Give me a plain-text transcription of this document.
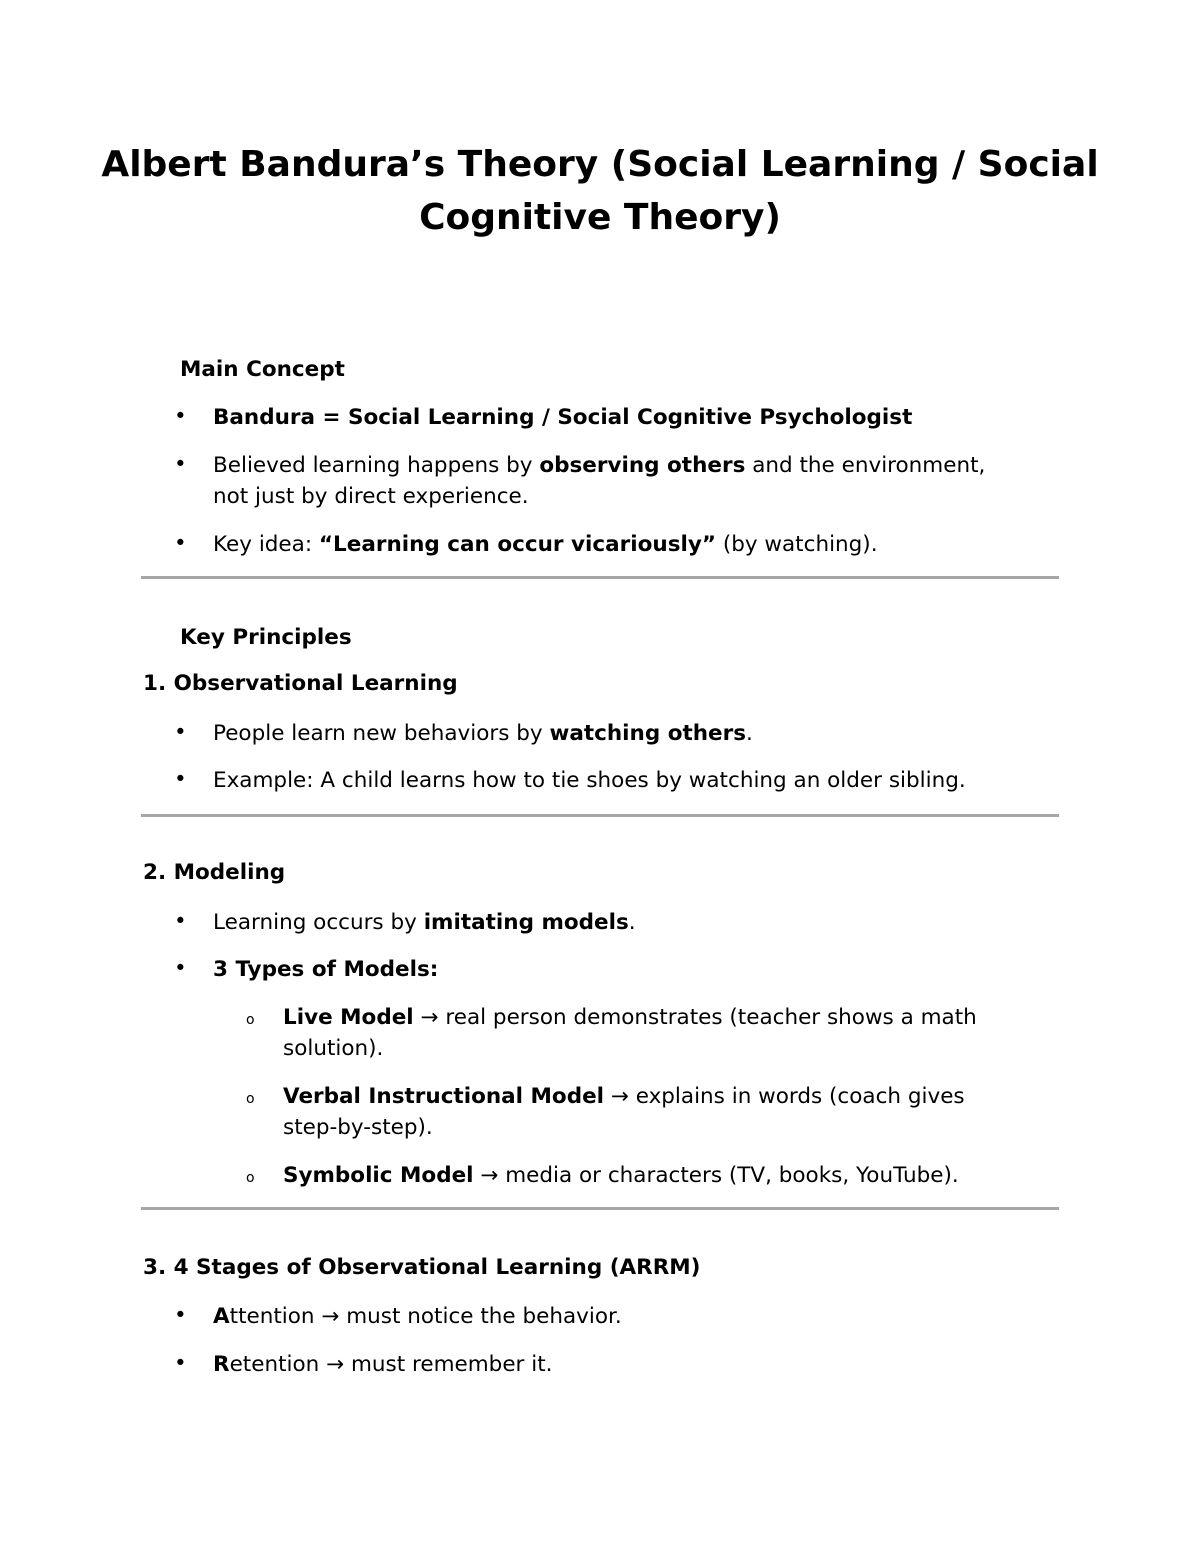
Albert Bandura’s Theory (Social Learning / Social Cognitive Theory)
Main Concept
• Bandura = Social Learning / Social Cognitive Psychologist
• Believed learning happens by observing others and the environment,
not just by direct experience.
• Key idea: “Learning can occur vicariously” (by watching).
Key Principles
1. Observational Learning
• People learn new behaviors by watching others.
• Example: A child learns how to tie shoes by watching an older sibling.
2. Modeling
• Learning occurs by imitating models.
• 3 Types of Models:
o Live Model → real person demonstrates (teacher shows a math
solution).
o Verbal Instructional Model → explains in words (coach gives
step-by-step).
o Symbolic Model → media or characters (TV, books, YouTube).
3. 4 Stages of Observational Learning (ARRM)
• Attention → must notice the behavior.
• Retention → must remember it.
